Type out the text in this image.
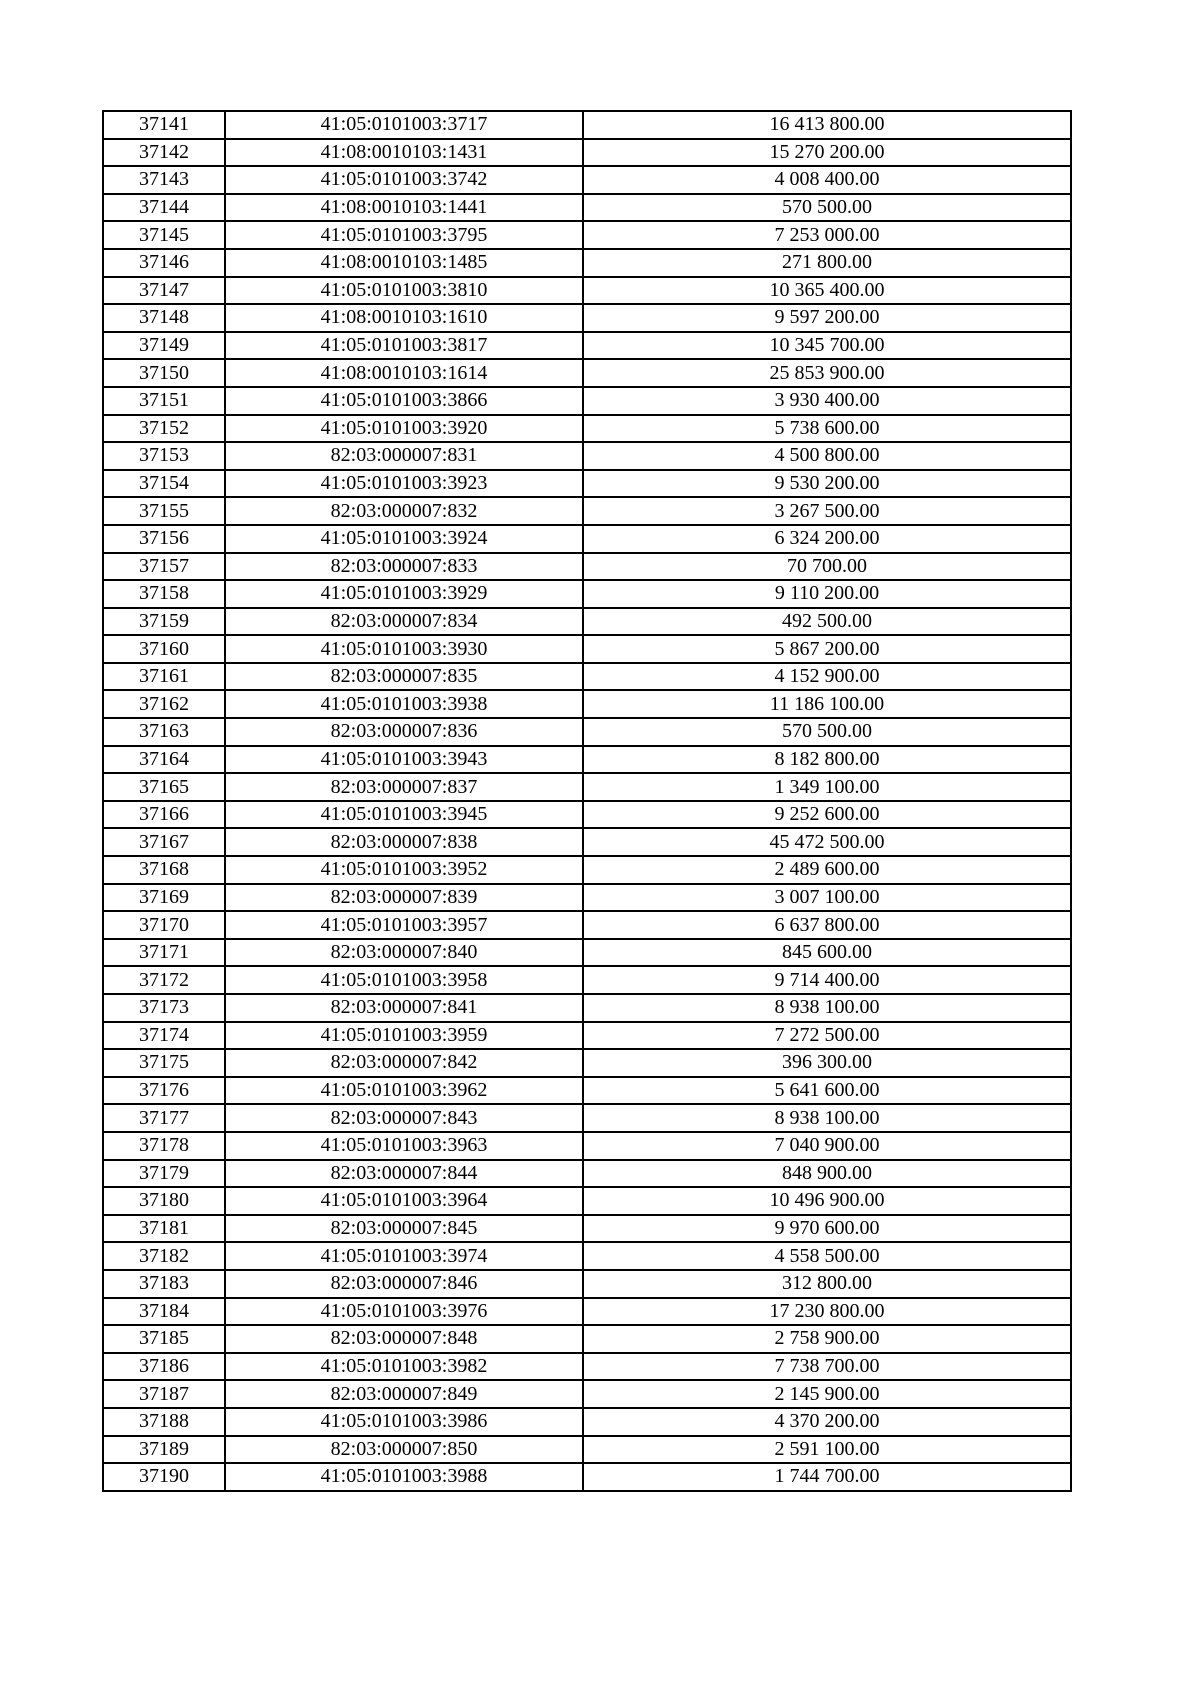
37141	41:05:0101003:3717	16 413 800.00
37142	41:08:0010103:1431	15 270 200.00
37143	41:05:0101003:3742	4 008 400.00
37144	41:08:0010103:1441	570 500.00
37145	41:05:0101003:3795	7 253 000.00
37146	41:08:0010103:1485	271 800.00
37147	41:05:0101003:3810	10 365 400.00
37148	41:08:0010103:1610	9 597 200.00
37149	41:05:0101003:3817	10 345 700.00
37150	41:08:0010103:1614	25 853 900.00
37151	41:05:0101003:3866	3 930 400.00
37152	41:05:0101003:3920	5 738 600.00
37153	82:03:000007:831	4 500 800.00
37154	41:05:0101003:3923	9 530 200.00
37155	82:03:000007:832	3 267 500.00
37156	41:05:0101003:3924	6 324 200.00
37157	82:03:000007:833	70 700.00
37158	41:05:0101003:3929	9 110 200.00
37159	82:03:000007:834	492 500.00
37160	41:05:0101003:3930	5 867 200.00
37161	82:03:000007:835	4 152 900.00
37162	41:05:0101003:3938	11 186 100.00
37163	82:03:000007:836	570 500.00
37164	41:05:0101003:3943	8 182 800.00
37165	82:03:000007:837	1 349 100.00
37166	41:05:0101003:3945	9 252 600.00
37167	82:03:000007:838	45 472 500.00
37168	41:05:0101003:3952	2 489 600.00
37169	82:03:000007:839	3 007 100.00
37170	41:05:0101003:3957	6 637 800.00
37171	82:03:000007:840	845 600.00
37172	41:05:0101003:3958	9 714 400.00
37173	82:03:000007:841	8 938 100.00
37174	41:05:0101003:3959	7 272 500.00
37175	82:03:000007:842	396 300.00
37176	41:05:0101003:3962	5 641 600.00
37177	82:03:000007:843	8 938 100.00
37178	41:05:0101003:3963	7 040 900.00
37179	82:03:000007:844	848 900.00
37180	41:05:0101003:3964	10 496 900.00
37181	82:03:000007:845	9 970 600.00
37182	41:05:0101003:3974	4 558 500.00
37183	82:03:000007:846	312 800.00
37184	41:05:0101003:3976	17 230 800.00
37185	82:03:000007:848	2 758 900.00
37186	41:05:0101003:3982	7 738 700.00
37187	82:03:000007:849	2 145 900.00
37188	41:05:0101003:3986	4 370 200.00
37189	82:03:000007:850	2 591 100.00
37190	41:05:0101003:3988	1 744 700.00
